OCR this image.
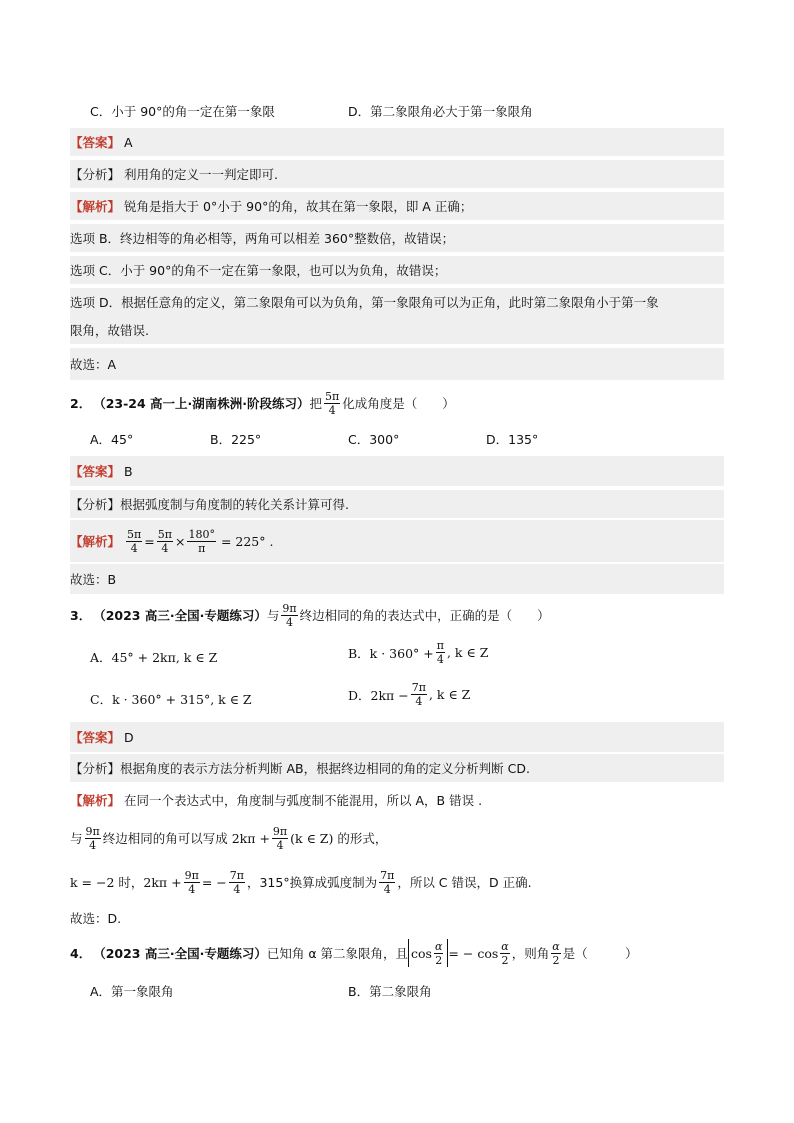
C．小于 90°的角一定在第一象限	D．第二象限角必大于第一象限角
【答案】 A
【分析】 利用角的定义一一判定即可.
【解析】 锐角是指大于 0°小于 90°的角，故其在第一象限，即 A 正确；
选项 B．终边相等的角必相等，两角可以相差 360°整数倍，故错误；
选项 C．小于 90°的角不一定在第一象限，也可以为负角，故错误；
选项 D．根据任意角的定义，第二象限角可以为负角，第一象限角可以为正角，此时第二象限角小于第一象
限角，故错误.
故选：A
2． （23-24 高一上·湖南株洲·阶段练习） 把 $\frac{5\pi}{4}$ 化成角度是（　　）
A．45°	B．225°	C．300°	D．135°
【答案】 B
【分析】 根据弧度制与角度制的转化关系计算可得.
【解析】 $\frac{5\pi}{4} = \frac{5\pi}{4} \times \frac{180^\circ}{\pi} = 225^\circ$ .
故选：B
3． （2023 高三·全国·专题练习） 与 $\frac{9\pi}{4}$ 终边相同的角的表达式中，正确的是（　　）
A．45° + 2kπ, k ∈ Z	B．$k \cdot 360^\circ + \frac{\pi}{4}$ , k ∈ Z
C．k · 360° + 315°, k ∈ Z	D．$2k\pi - \frac{7\pi}{4}$ , k ∈ Z
【答案】 D
【分析】 根据角度的表示方法分析判断 AB，根据终边相同的角的定义分析判断 CD.
【解析】 在同一个表达式中，角度制与弧度制不能混用，所以 A，B 错误 .
与 $\frac{9\pi}{4}$ 终边相同的角可以写成 $2k\pi + \frac{9\pi}{4} (k$ ∈ Z) 的形式，
k = −2 时，$2k\pi + \frac{9\pi}{4}$ = − $\frac{7\pi}{4}$ ，315°换算成弧度制为 $\frac{7\pi}{4}$ ，所以 C 错误，D 正确.
故选：D.
4． （2023 高三·全国·专题练习） 已知角 α 第二象限角，且 $\cos \frac{\alpha}{2}$ = − $\cos \frac{\alpha}{2}$ ，则角 $\frac{\alpha}{2}$ 是（　　　）
A．第一象限角	B．第二象限角
